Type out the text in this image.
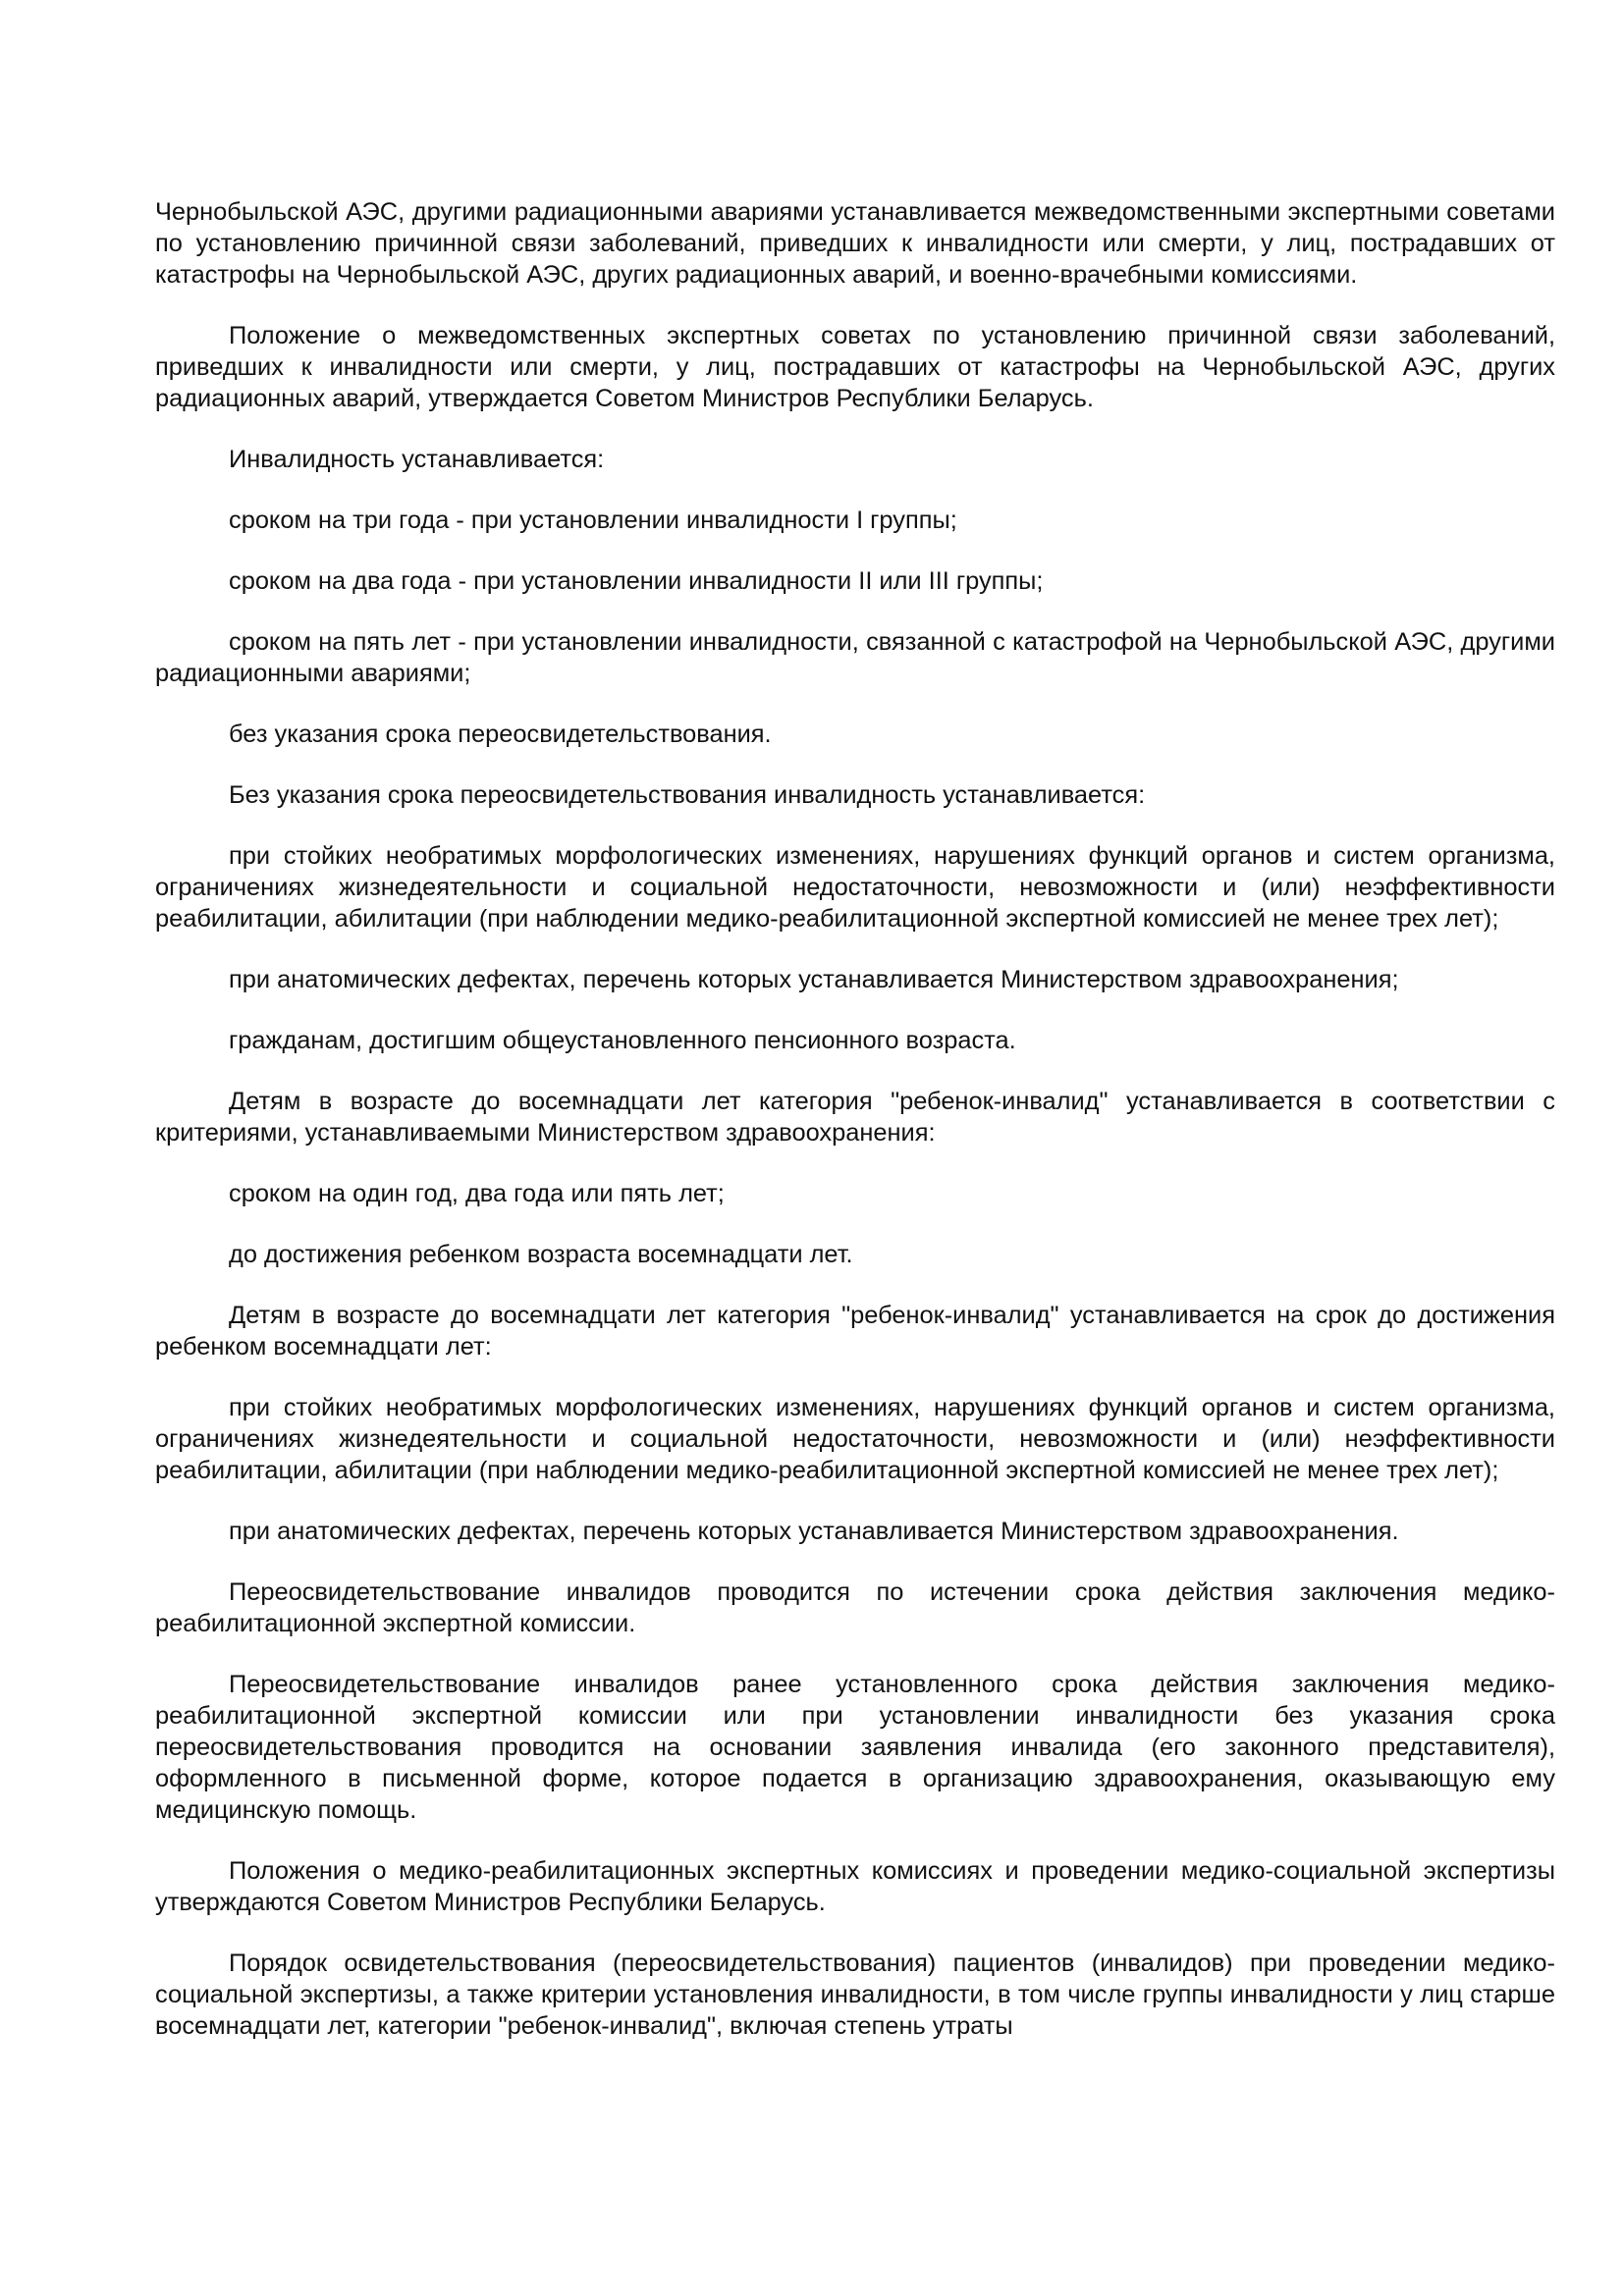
Чернобыльской АЭС, другими радиационными авариями устанавливается межведомственными экспертными советами по установлению причинной связи заболеваний, приведших к инвалидности или смерти, у лиц, пострадавших от катастрофы на Чернобыльской АЭС, других радиационных аварий, и военно-врачебными комиссиями.

Положение о межведомственных экспертных советах по установлению причинной связи заболеваний, приведших к инвалидности или смерти, у лиц, пострадавших от катастрофы на Чернобыльской АЭС, других радиационных аварий, утверждается Советом Министров Республики Беларусь.

Инвалидность устанавливается:

сроком на три года - при установлении инвалидности I группы;

сроком на два года - при установлении инвалидности II или III группы;

сроком на пять лет - при установлении инвалидности, связанной с катастрофой на Чернобыльской АЭС, другими радиационными авариями;

без указания срока переосвидетельствования.

Без указания срока переосвидетельствования инвалидность устанавливается:

при стойких необратимых морфологических изменениях, нарушениях функций органов и систем организма, ограничениях жизнедеятельности и социальной недостаточности, невозможности и (или) неэффективности реабилитации, абилитации (при наблюдении медико-реабилитационной экспертной комиссией не менее трех лет);

при анатомических дефектах, перечень которых устанавливается Министерством здравоохранения;

гражданам, достигшим общеустановленного пенсионного возраста.

Детям в возрасте до восемнадцати лет категория "ребенок-инвалид" устанавливается в соответствии с критериями, устанавливаемыми Министерством здравоохранения:

сроком на один год, два года или пять лет;

до достижения ребенком возраста восемнадцати лет.

Детям в возрасте до восемнадцати лет категория "ребенок-инвалид" устанавливается на срок до достижения ребенком восемнадцати лет:

при стойких необратимых морфологических изменениях, нарушениях функций органов и систем организма, ограничениях жизнедеятельности и социальной недостаточности, невозможности и (или) неэффективности реабилитации, абилитации (при наблюдении медико-реабилитационной экспертной комиссией не менее трех лет);

при анатомических дефектах, перечень которых устанавливается Министерством здравоохранения.

Переосвидетельствование инвалидов проводится по истечении срока действия заключения медико-реабилитационной экспертной комиссии.

Переосвидетельствование инвалидов ранее установленного срока действия заключения медико-реабилитационной экспертной комиссии или при установлении инвалидности без указания срока переосвидетельствования проводится на основании заявления инвалида (его законного представителя), оформленного в письменной форме, которое подается в организацию здравоохранения, оказывающую ему медицинскую помощь.

Положения о медико-реабилитационных экспертных комиссиях и проведении медико-социальной экспертизы утверждаются Советом Министров Республики Беларусь.

Порядок освидетельствования (переосвидетельствования) пациентов (инвалидов) при проведении медико-социальной экспертизы, а также критерии установления инвалидности, в том числе группы инвалидности у лиц старше восемнадцати лет, категории "ребенок-инвалид", включая степень утраты
